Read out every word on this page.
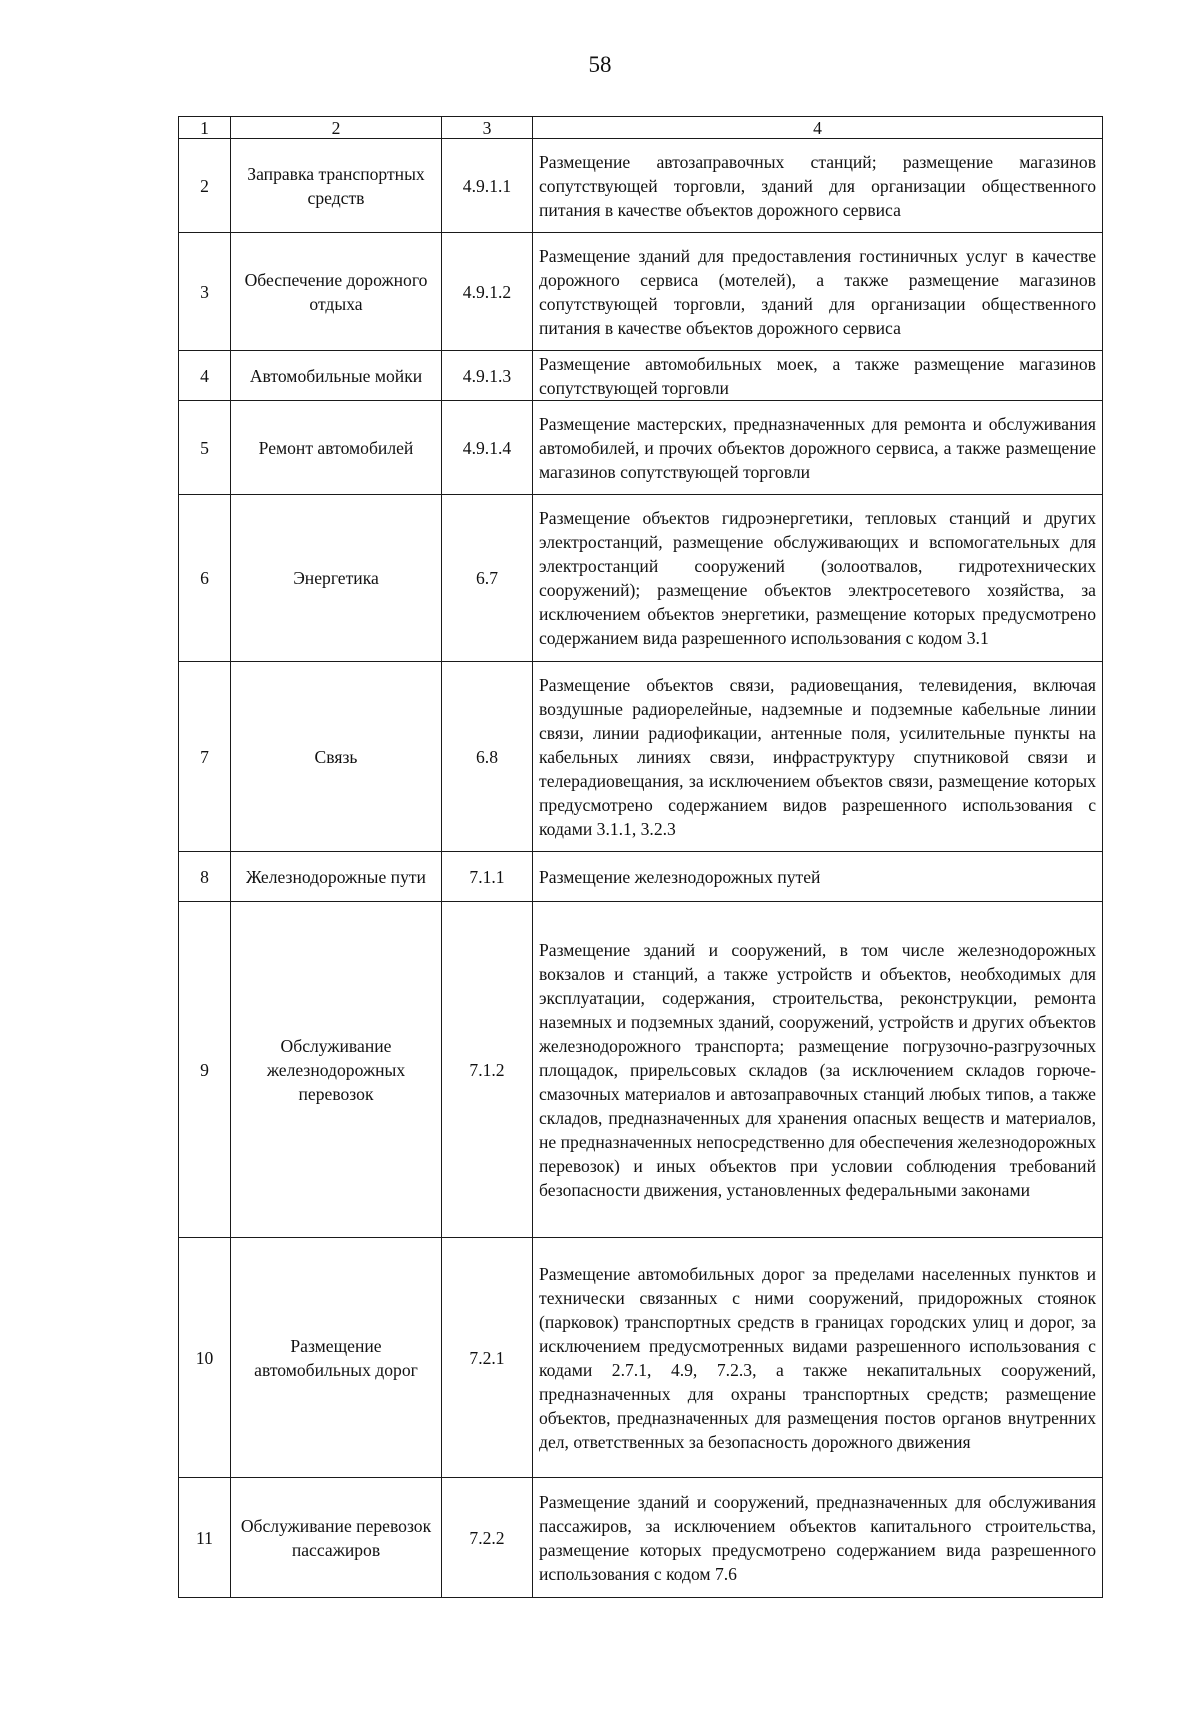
58
1	2	3	4
2	Заправка транспортных средств	4.9.1.1	Размещение автозаправочных станций; размещение магазинов сопутствующей торговли, зданий для организации общественного питания в качестве объектов дорожного сервиса
3	Обеспечение дорожного отдыха	4.9.1.2	Размещение зданий для предоставления гостиничных услуг в качестве дорожного сервиса (мотелей), а также размещение магазинов сопутствующей торговли, зданий для организации общественного питания в качестве объектов дорожного сервиса
4	Автомобильные мойки	4.9.1.3	Размещение автомобильных моек, а также размещение магазинов сопутствующей торговли
5	Ремонт автомобилей	4.9.1.4	Размещение мастерских, предназначенных для ремонта и обслуживания автомобилей, и прочих объектов дорожного сервиса, а также размещение магазинов сопутствующей торговли
6	Энергетика	6.7	Размещение объектов гидроэнергетики, тепловых станций и других электростанций, размещение обслуживающих и вспомогательных для электростанций сооружений (золоотвалов, гидротехнических сооружений); размещение объектов электросетевого хозяйства, за исключением объектов энергетики, размещение которых предусмотрено содержанием вида разрешенного использования с кодом 3.1
7	Связь	6.8	Размещение объектов связи, радиовещания, телевидения, включая воздушные радиорелейные, надземные и подземные кабельные линии связи, линии радиофикации, антенные поля, усилительные пункты на кабельных линиях связи, инфраструктуру спутниковой связи и телерадиовещания, за исключением объектов связи, размещение которых предусмотрено содержанием видов разрешенного использования с кодами 3.1.1, 3.2.3
8	Железнодорожные пути	7.1.1	Размещение железнодорожных путей
9	Обслуживание железнодорожных перевозок	7.1.2	Размещение зданий и сооружений, в том числе железнодорожных вокзалов и станций, а также устройств и объектов, необходимых для эксплуатации, содержания, строительства, реконструкции, ремонта наземных и подземных зданий, сооружений, устройств и других объектов железнодорожного транспорта; размещение погрузочно-разгрузочных площадок, прирельсовых складов (за исключением складов горюче-смазочных материалов и автозаправочных станций любых типов, а также складов, предназначенных для хранения опасных веществ и материалов, не предназначенных непосредственно для обеспечения железнодорожных перевозок) и иных объектов при условии соблюдения требований безопасности движения, установленных федеральными законами
10	Размещение автомобильных дорог	7.2.1	Размещение автомобильных дорог за пределами населенных пунктов и технически связанных с ними сооружений, придорожных стоянок (парковок) транспортных средств в границах городских улиц и дорог, за исключением предусмотренных видами разрешенного использования с кодами 2.7.1, 4.9, 7.2.3, а также некапитальных сооружений, предназначенных для охраны транспортных средств; размещение объектов, предназначенных для размещения постов органов внутренних дел, ответственных за безопасность дорожного движения
11	Обслуживание перевозок пассажиров	7.2.2	Размещение зданий и сооружений, предназначенных для обслуживания пассажиров, за исключением объектов капитального строительства, размещение которых предусмотрено содержанием вида разрешенного использования с кодом 7.6
